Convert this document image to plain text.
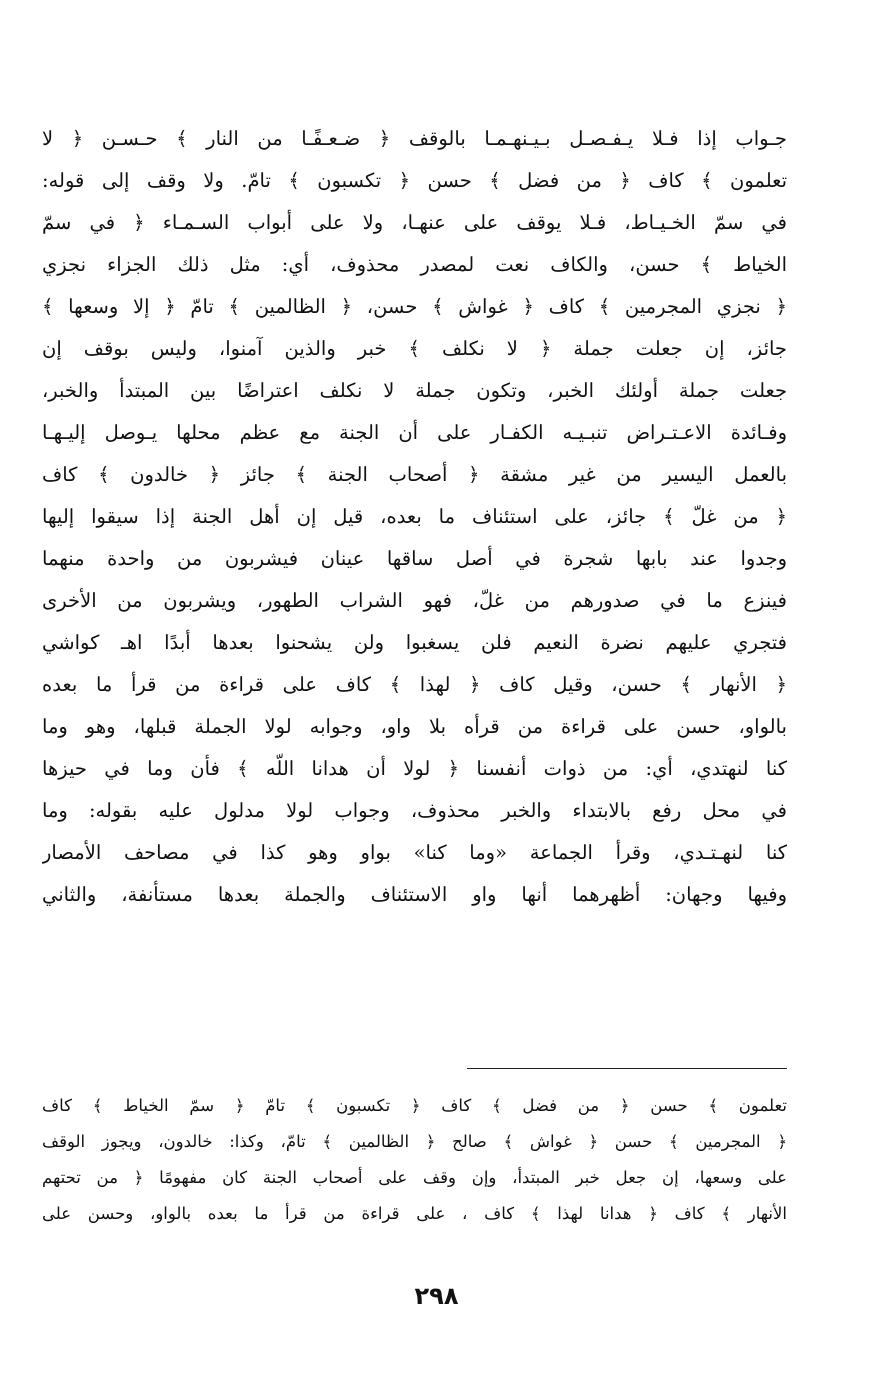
جـواب إذا فـلا يـفـصـل بـيـنهـمـا بالوقف ﴿ ضـعـفًـا من النار ﴾ حـسـن ﴿ لا
تعلمون ﴾ كاف ﴿ من فضل ﴾ حسن ﴿ تكسبون ﴾ تامّ. ولا وقف إلى قوله:
في سمّ الخـيـاط، فـلا يوقف على عنهـا، ولا على أبواب السـمـاء ﴿ في سمّ
الخياط ﴾ حسن، والكاف نعت لمصدر محذوف، أي: مثل ذلك الجزاء نجزي
﴿ نجزي المجرمين ﴾ كاف ﴿ غواش ﴾ حسن، ﴿ الظالمين ﴾ تامّ ﴿ إلا وسعها ﴾
جائز، إن جعلت جملة ﴿ لا نكلف ﴾ خبر والذين آمنوا، وليس بوقف إن
جعلت جملة أولئك الخبر، وتكون جملة لا نكلف اعتراضًا بين المبتدأ والخبر،
وفـائدة الاعـتـراض تنبـيـه الكفـار على أن الجنة مع عظم محلها يـوصل إليـهـا
بالعمل اليسير من غير مشقة ﴿ أصحاب الجنة ﴾ جائز ﴿ خالدون ﴾ كاف
﴿ من غلّ ﴾ جائز، على استئناف ما بعده، قيل إن أهل الجنة إذا سيقوا إليها
وجدوا عند بابها شجرة في أصل ساقها عينان فيشربون من واحدة منهما
فينزع ما في صدورهم من غلّ، فهو الشراب الطهور، ويشربون من الأخرى
فتجري عليهم نضرة النعيم فلن يسغبوا ولن يشحنوا بعدها أبدًا اهـ كواشي
﴿ الأنهار ﴾ حسن، وقيل كاف ﴿ لهذا ﴾ كاف على قراءة من قرأ ما بعده
بالواو، حسن على قراءة من قرأه بلا واو، وجوابه لولا الجملة قبلها، وهو وما
كنا لنهتدي، أي: من ذوات أنفسنا ﴿ لولا أن هدانا اللّه ﴾ فأن وما في حيزها
في محل رفع بالابتداء والخبر محذوف، وجواب لولا مدلول عليه بقوله: وما
كنا لنهـتـدي، وقرأ الجماعة «وما كنا» بواو وهو كذا في مصاحف الأمصار
وفيها وجهان: أظهرهما أنها واو الاستئناف والجملة بعدها مستأنفة، والثاني
تعلمون ﴾ حسن ﴿ من فضل ﴾ كاف ﴿ تكسبون ﴾ تامّ ﴿ سمّ الخياط ﴾ كاف
﴿ المجرمين ﴾ حسن ﴿ غواش ﴾ صالح ﴿ الظالمين ﴾ تامّ، وكذا: خالدون، ويجوز الوقف
على وسعها، إن جعل خبر المبتدأ، وإن وقف على أصحاب الجنة كان مفهومًا ﴿ من تحتهم
الأنهار ﴾ كاف ﴿ هدانا لهذا ﴾ كاف ، على قراءة من قرأ ما بعده بالواو، وحسن على
٢٩٨
